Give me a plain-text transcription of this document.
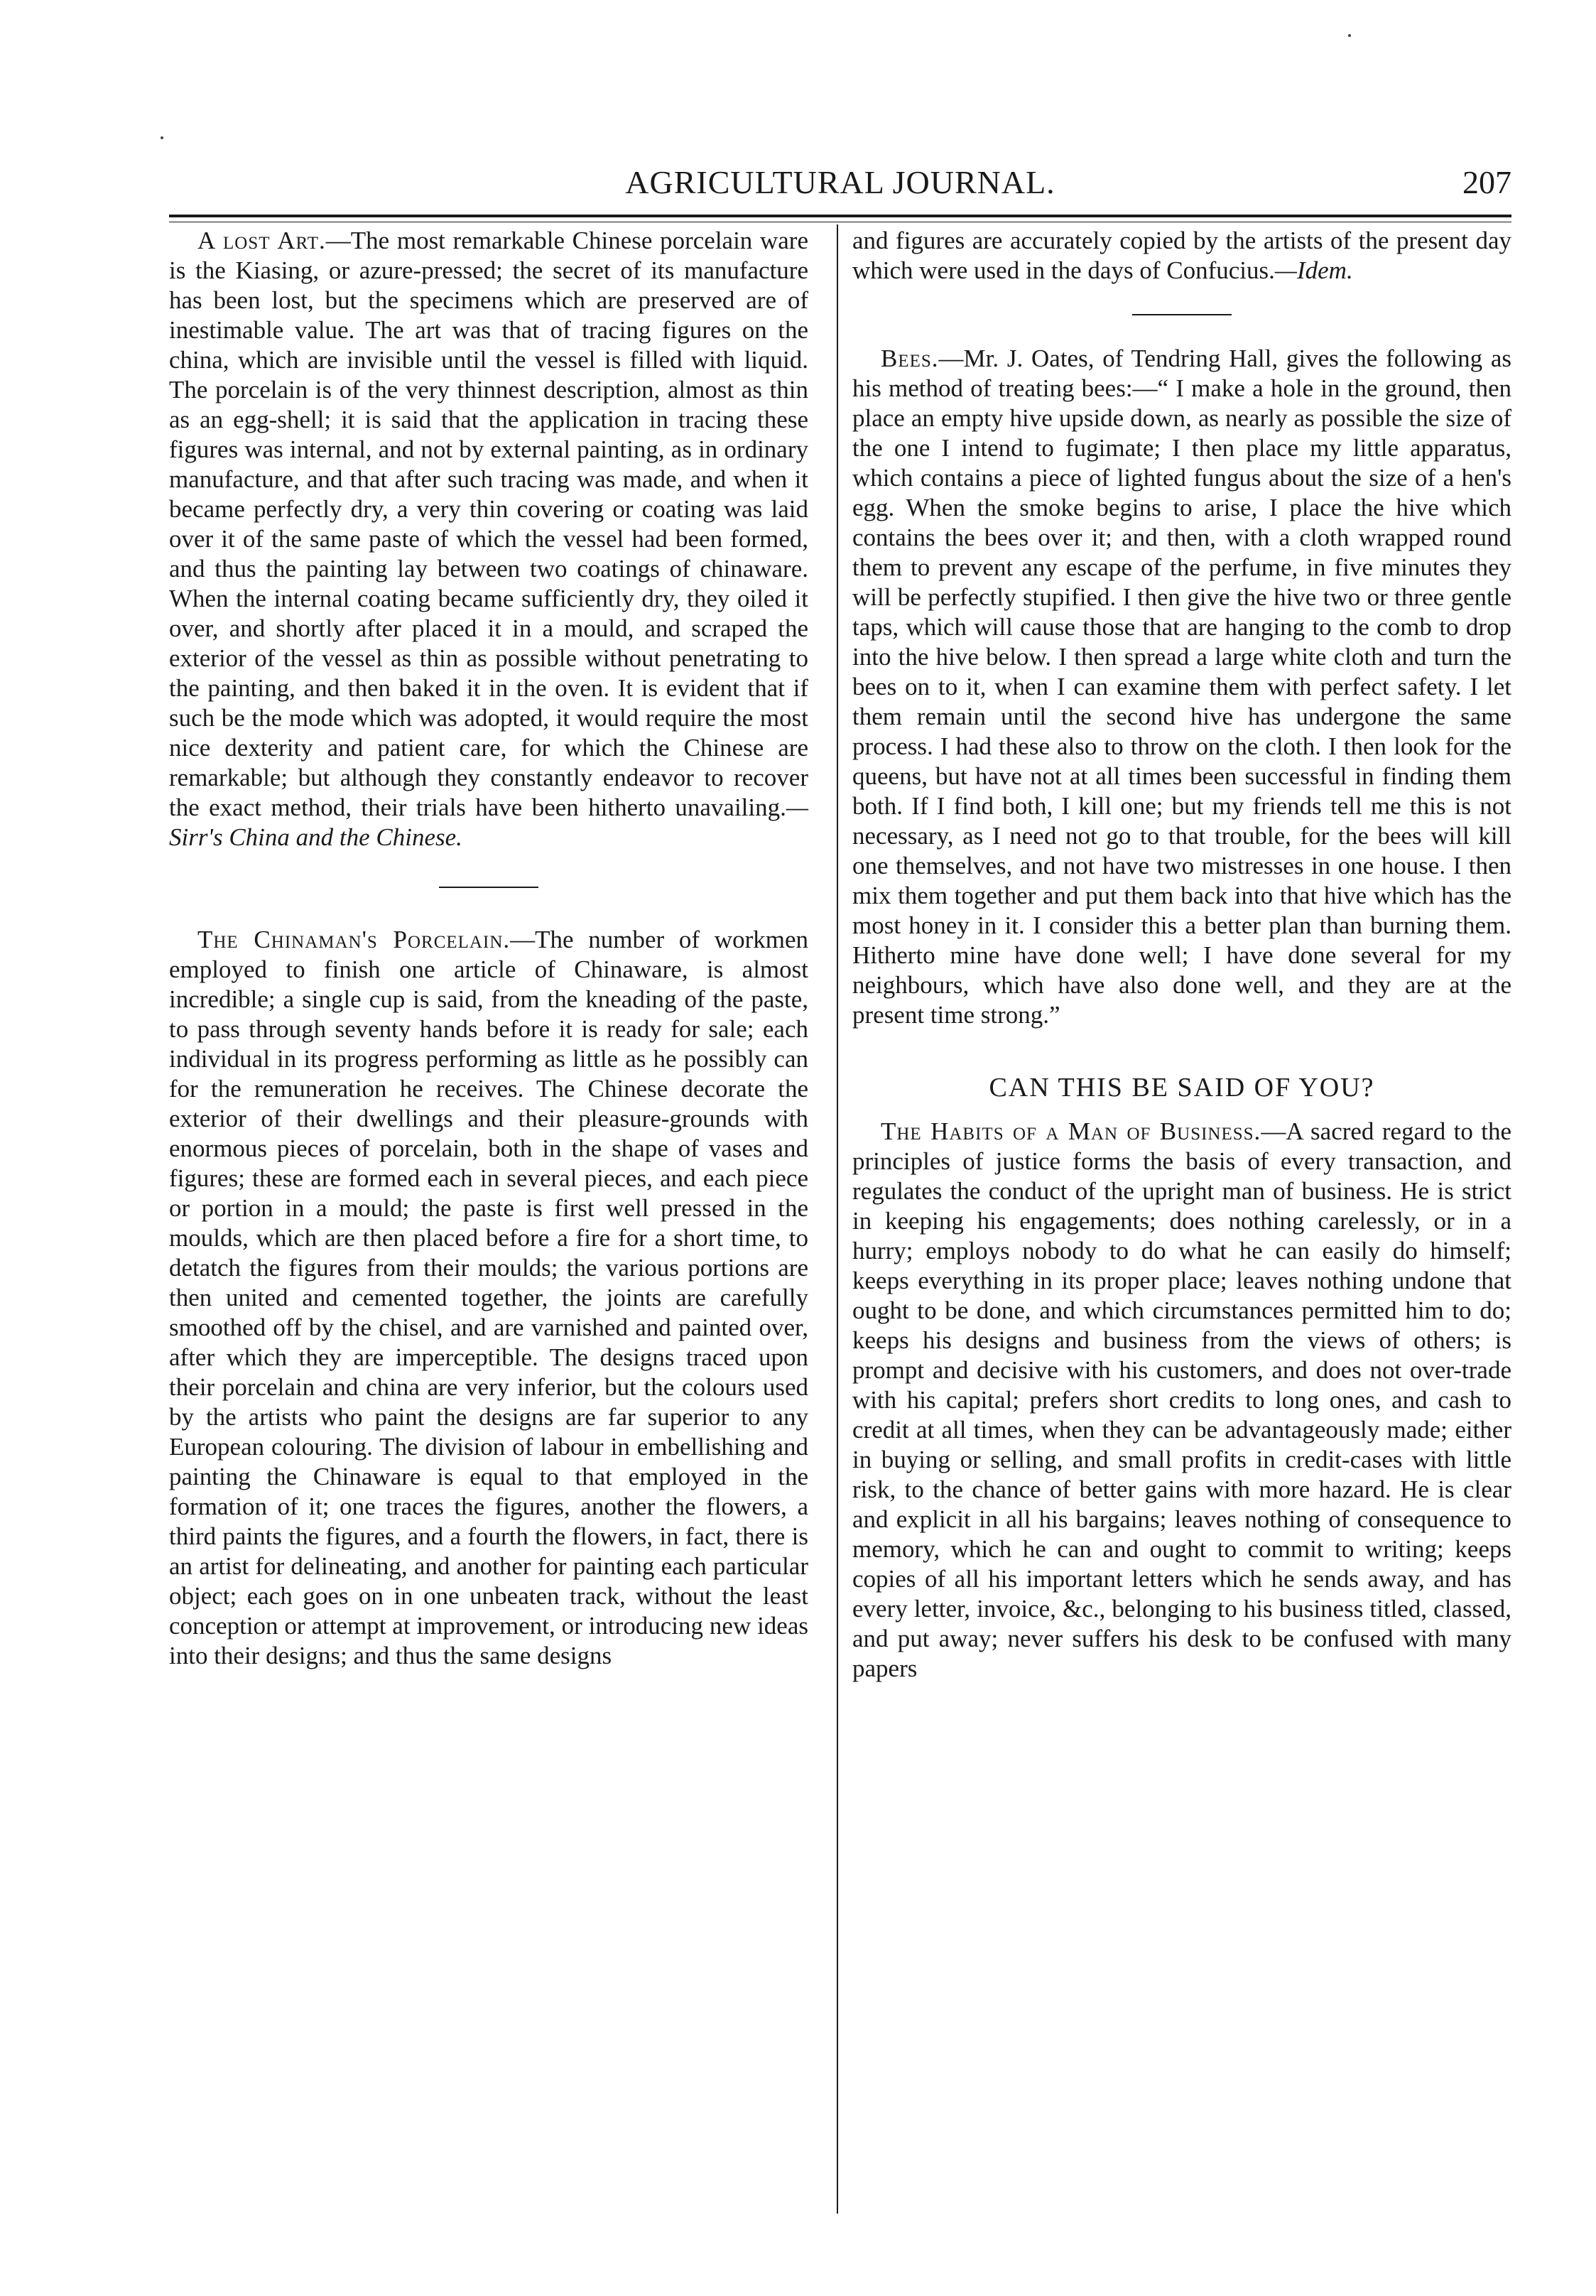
AGRICULTURAL JOURNAL.	207

A lost Art.—The most remarkable Chinese porcelain ware is the Kiasing, or azure-pressed; the secret of its manufacture has been lost, but the specimens which are preserved are of inestimable value. The art was that of tracing figures on the china, which are invisible until the vessel is filled with liquid. The porcelain is of the very thinnest description, almost as thin as an egg-shell; it is said that the application in tracing these figures was internal, and not by external painting, as in ordinary manufacture, and that after such tracing was made, and when it became perfectly dry, a very thin covering or coating was laid over it of the same paste of which the vessel had been formed, and thus the painting lay between two coatings of chinaware. When the internal coating became sufficiently dry, they oiled it over, and shortly after placed it in a mould, and scraped the exterior of the vessel as thin as possible without penetrating to the painting, and then baked it in the oven. It is evident that if such be the mode which was adopted, it would require the most nice dexterity and patient care, for which the Chinese are remarkable; but although they constantly endeavor to recover the exact method, their trials have been hitherto unavailing.—Sirr's China and the Chinese.

The Chinaman's Porcelain.—The number of workmen employed to finish one article of Chinaware, is almost incredible; a single cup is said, from the kneading of the paste, to pass through seventy hands before it is ready for sale; each individual in its progress performing as little as he possibly can for the remuneration he receives. The Chinese decorate the exterior of their dwellings and their pleasure-grounds with enormous pieces of porcelain, both in the shape of vases and figures; these are formed each in several pieces, and each piece or portion in a mould; the paste is first well pressed in the moulds, which are then placed before a fire for a short time, to detatch the figures from their moulds; the various portions are then united and cemented together, the joints are carefully smoothed off by the chisel, and are varnished and painted over, after which they are imperceptible. The designs traced upon their porcelain and china are very inferior, but the colours used by the artists who paint the designs are far superior to any European colouring. The division of labour in embellishing and painting the Chinaware is equal to that employed in the formation of it; one traces the figures, another the flowers, a third paints the figures, and a fourth the flowers, in fact, there is an artist for delineating, and another for painting each particular object; each goes on in one unbeaten track, without the least conception or attempt at improvement, or introducing new ideas into their designs; and thus the same designs

and figures are accurately copied by the artists of the present day which were used in the days of Confucius.—Idem.

Bees.—Mr. J. Oates, of Tendring Hall, gives the following as his method of treating bees:—“ I make a hole in the ground, then place an empty hive upside down, as nearly as possible the size of the one I intend to fugimate; I then place my little apparatus, which contains a piece of lighted fungus about the size of a hen's egg. When the smoke begins to arise, I place the hive which contains the bees over it; and then, with a cloth wrapped round them to prevent any escape of the perfume, in five minutes they will be perfectly stupified. I then give the hive two or three gentle taps, which will cause those that are hanging to the comb to drop into the hive below. I then spread a large white cloth and turn the bees on to it, when I can examine them with perfect safety. I let them remain until the second hive has undergone the same process. I had these also to throw on the cloth. I then look for the queens, but have not at all times been successful in finding them both. If I find both, I kill one; but my friends tell me this is not necessary, as I need not go to that trouble, for the bees will kill one themselves, and not have two mistresses in one house. I then mix them together and put them back into that hive which has the most honey in it. I consider this a better plan than burning them. Hitherto mine have done well; I have done several for my neighbours, which have also done well, and they are at the present time strong.”

CAN THIS BE SAID OF YOU?

The Habits of a Man of Business.—A sacred regard to the principles of justice forms the basis of every transaction, and regulates the conduct of the upright man of business. He is strict in keeping his engagements; does nothing carelessly, or in a hurry; employs nobody to do what he can easily do himself; keeps everything in its proper place; leaves nothing undone that ought to be done, and which circumstances permitted him to do; keeps his designs and business from the views of others; is prompt and decisive with his customers, and does not over-trade with his capital; prefers short credits to long ones, and cash to credit at all times, when they can be advantageously made; either in buying or selling, and small profits in credit-cases with little risk, to the chance of better gains with more hazard. He is clear and explicit in all his bargains; leaves nothing of consequence to memory, which he can and ought to commit to writing; keeps copies of all his important letters which he sends away, and has every letter, invoice, &c., belonging to his business titled, classed, and put away; never suffers his desk to be confused with many papers
